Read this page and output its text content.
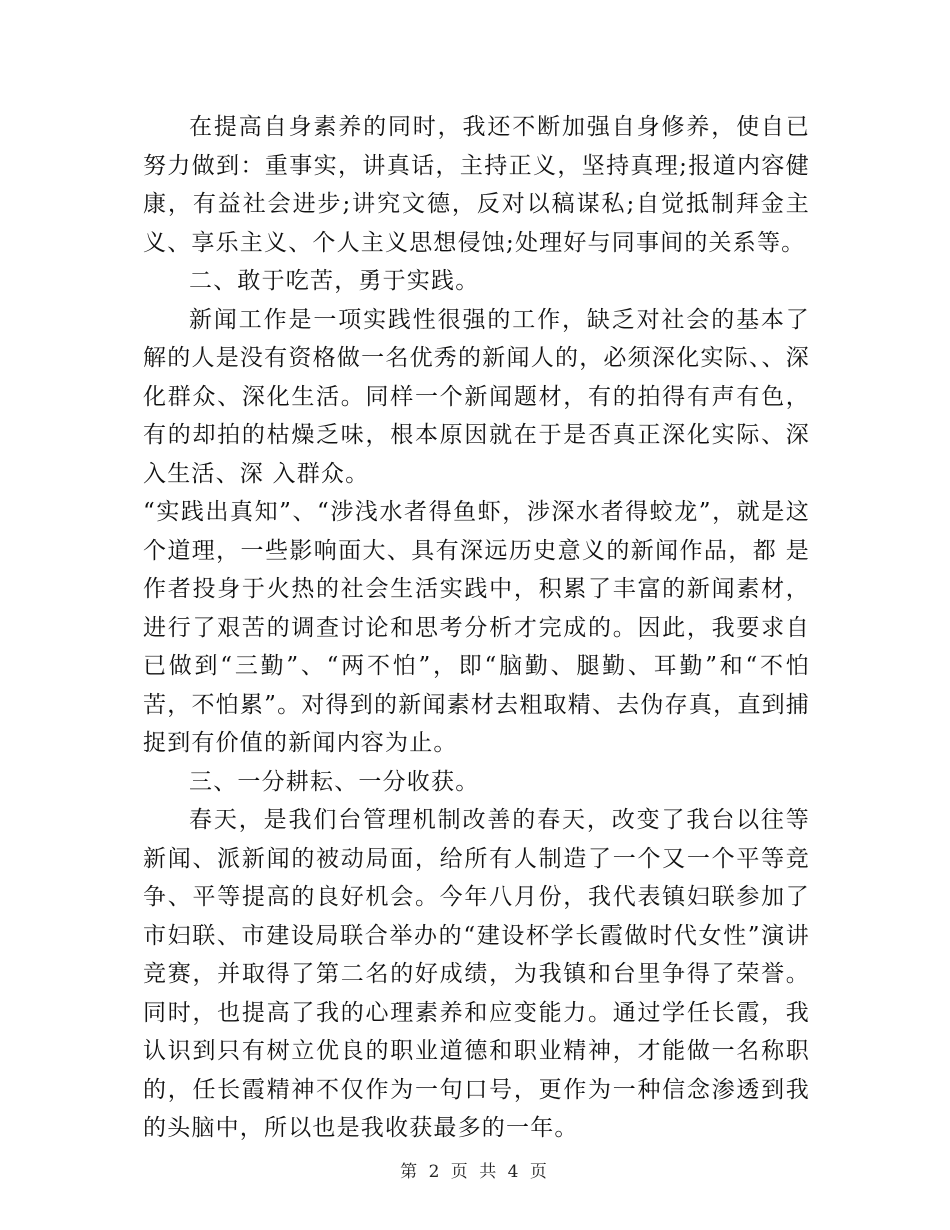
在提高自身素养的同时，我还不断加强自身修养，使自已努力做到：重事实，讲真话，主持正义，坚持真理;报道内容健康，有益社会进步;讲究文德，反对以稿谋私;自觉抵制拜金主义、享乐主义、个人主义思想侵蚀;处理好与同事间的关系等。

二、敢于吃苦，勇于实践。

新闻工作是一项实践性很强的工作，缺乏对社会的基本了解的人是没有资格做一名优秀的新闻人的，必须深化实际、、深化群众、深化生活。同样一个新闻题材，有的拍得有声有色，有的却拍的枯燥乏味，根本原因就在于是否真正深化实际、深 入生活、深 入群众。

“实践出真知”、“涉浅水者得鱼虾，涉深水者得蛟龙”，就是这个道理，一些影响面大、具有深远历史意义的新闻作品，都 是作者投身于火热的社会生活实践中，积累了丰富的新闻素材，进行了艰苦的调查讨论和思考分析才完成的。因此，我要求自已做到“三勤”、“两不怕”，即“脑勤、腿勤、耳勤”和“不怕苦，不怕累”。对得到的新闻素材去粗取精、去伪存真，直到捕捉到有价值的新闻内容为止。

三、一分耕耘、一分收获。

春天，是我们台管理机制改善的春天，改变了我台以往等新闻、派新闻的被动局面，给所有人制造了一个又一个平等竞争、平等提高的良好机会。今年八月份，我代表镇妇联参加了市妇联、市建设局联合举办的“建设杯学长霞做时代女性”演讲竞赛，并取得了第二名的好成绩，为我镇和台里争得了荣誉。同时，也提高了我的心理素养和应变能力。通过学任长霞，我认识到只有树立优良的职业道德和职业精神，才能做一名称职的，任长霞精神不仅作为一句口号，更作为一种信念渗透到我的头脑中，所以也是我收获最多的一年。

第 2 页 共 4 页
